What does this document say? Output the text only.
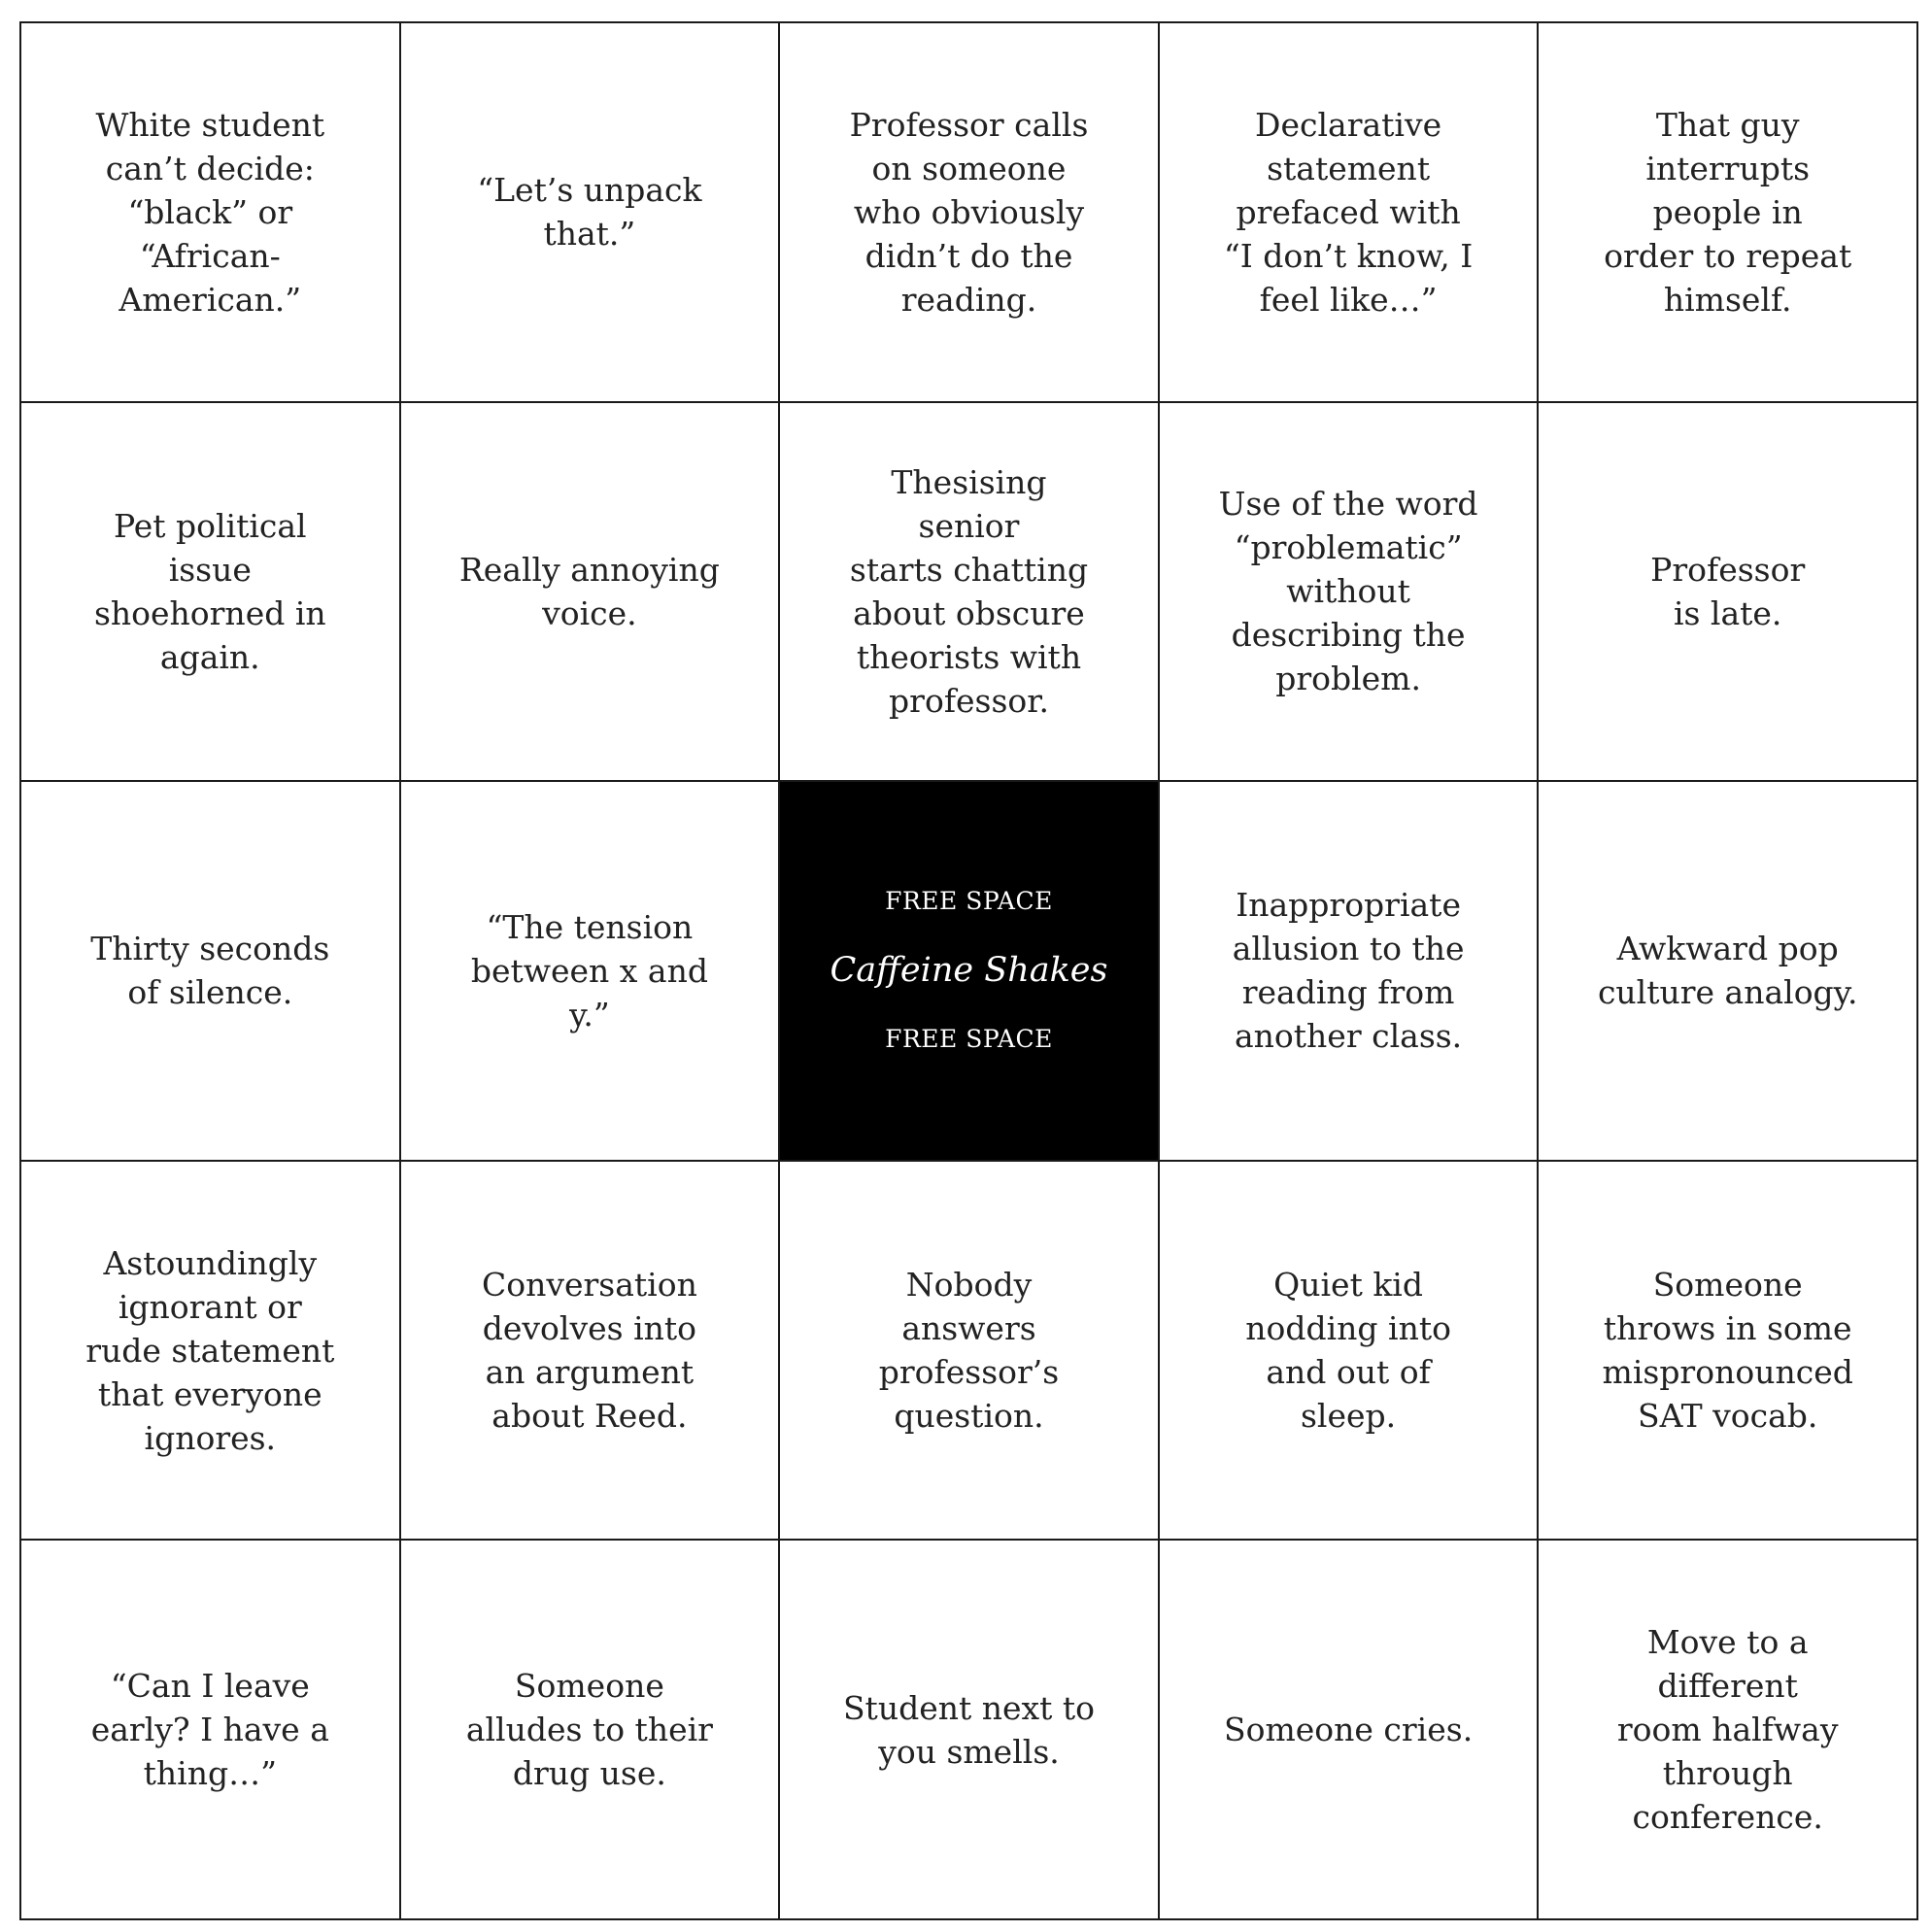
White student
can’t decide:
“black” or
“African-
American.”
“Let’s unpack
that.”
Professor calls
on someone
who obviously
didn’t do the
reading.
Declarative
statement
prefaced with
“I don’t know, I
feel like…”
That guy
interrupts
people in
order to repeat
himself.
Pet political
issue
shoehorned in
again.
Really annoying
voice.
Thesising senior
starts chatting
about obscure
theorists with
professor.
Use of the word
“problematic”
without
describing the
problem.
Professor
is late.
Thirty seconds
of silence.
“The tension
between x and y.”
FREE SPACE
Caffeine Shakes
FREE SPACE
Inappropriate
allusion to the
reading from
another class.
Awkward pop
culture analogy.
Astoundingly
ignorant or
rude statement
that everyone
ignores.
Conversation
devolves into
an argument
about Reed.
Nobody
answers
professor’s
question.
Quiet kid
nodding into
and out of
sleep.
Someone
throws in some
mispronounced
SAT vocab.
“Can I leave
early? I have a
thing…”
Someone
alludes to their
drug use.
Student next to
you smells.
Someone cries.
Move to a
different
room halfway
through
conference.
